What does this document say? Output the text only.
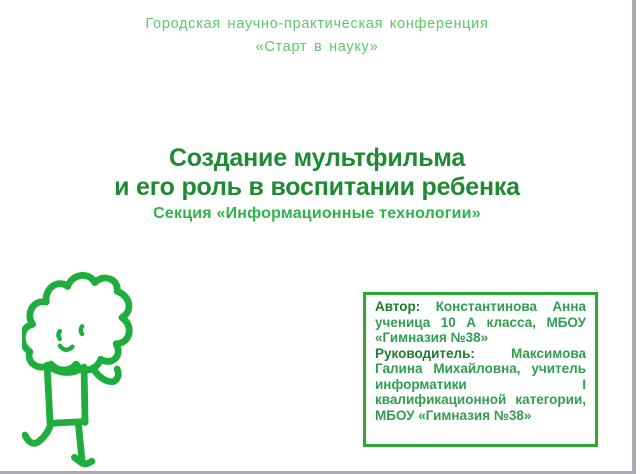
Городская научно-практическая конференция
«Старт в науку»
Создание мультфильма
и его роль в воспитании ребенка
Секция «Информационные технологии»

Автор: Константинова Анна ученица 10 А класса, МБОУ «Гимназия №38»

Руководитель:	Максимова Галина Михайловна, учитель информатики I квалификационной категории, МБОУ «Гимназия №38»
